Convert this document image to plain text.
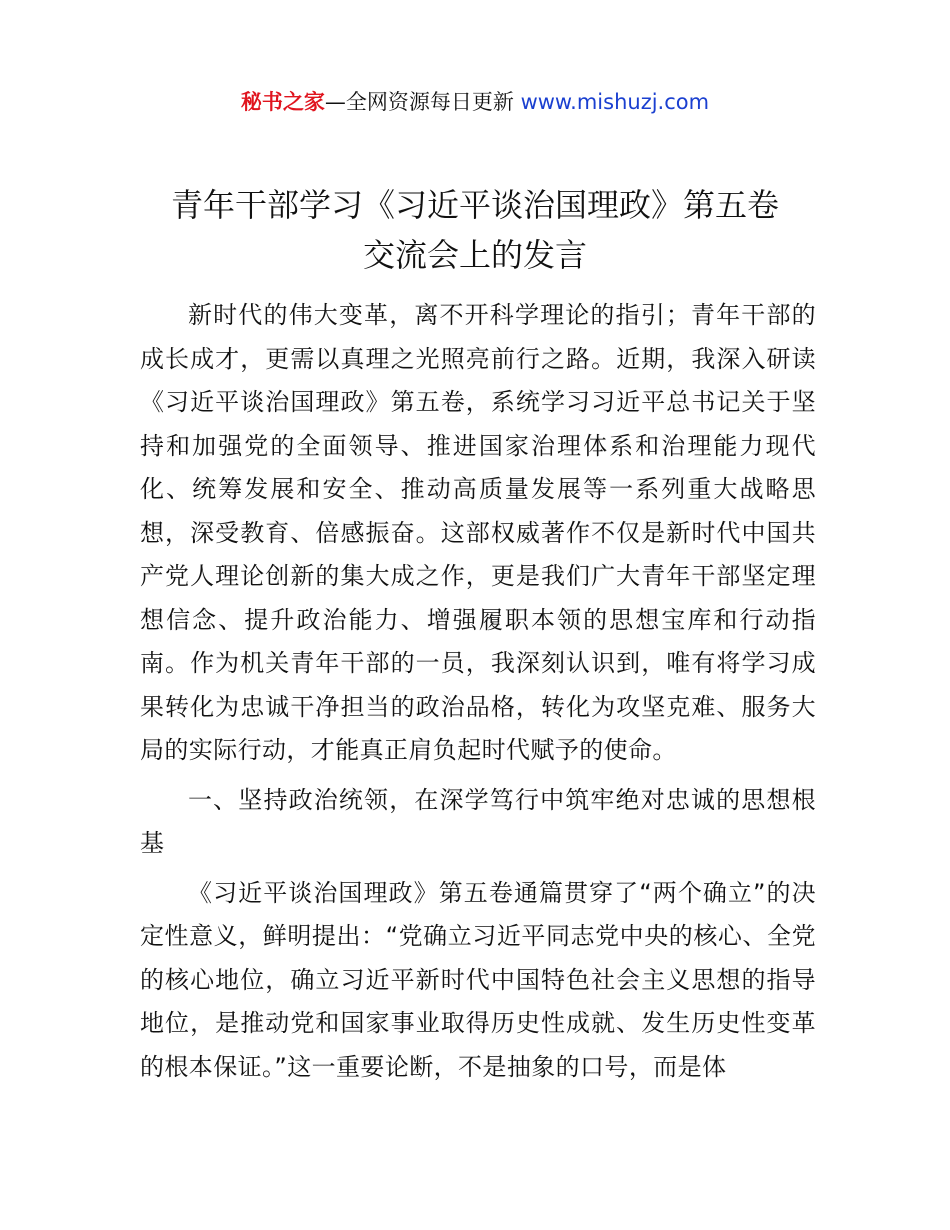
秘书之家—全网资源每日更新 www.mishuzj.com
青年干部学习《习近平谈治国理政》第五卷
交流会上的发言

新时代的伟大变革，离不开科学理论的指引；青年干部的成长成才，更需以真理之光照亮前行之路。近期，我深入研读《习近平谈治国理政》第五卷，系统学习习近平总书记关于坚持和加强党的全面领导、推进国家治理体系和治理能力现代化、统筹发展和安全、推动高质量发展等一系列重大战略思想，深受教育、倍感振奋。这部权威著作不仅是新时代中国共产党人理论创新的集大成之作，更是我们广大青年干部坚定理想信念、提升政治能力、增强履职本领的思想宝库和行动指南。作为机关青年干部的一员，我深刻认识到，唯有将学习成果转化为忠诚干净担当的政治品格，转化为攻坚克难、服务大局的实际行动，才能真正肩负起时代赋予的使命。

一、坚持政治统领，在深学笃行中筑牢绝对忠诚的思想根基

《习近平谈治国理政》第五卷通篇贯穿了“两个确立”的决定性意义，鲜明提出：“党确立习近平同志党中央的核心、全党的核心地位，确立习近平新时代中国特色社会主义思想的指导地位，是推动党和国家事业取得历史性成就、发生历史性变革的根本保证。”这一重要论断，不是抽象的口号，而是体
